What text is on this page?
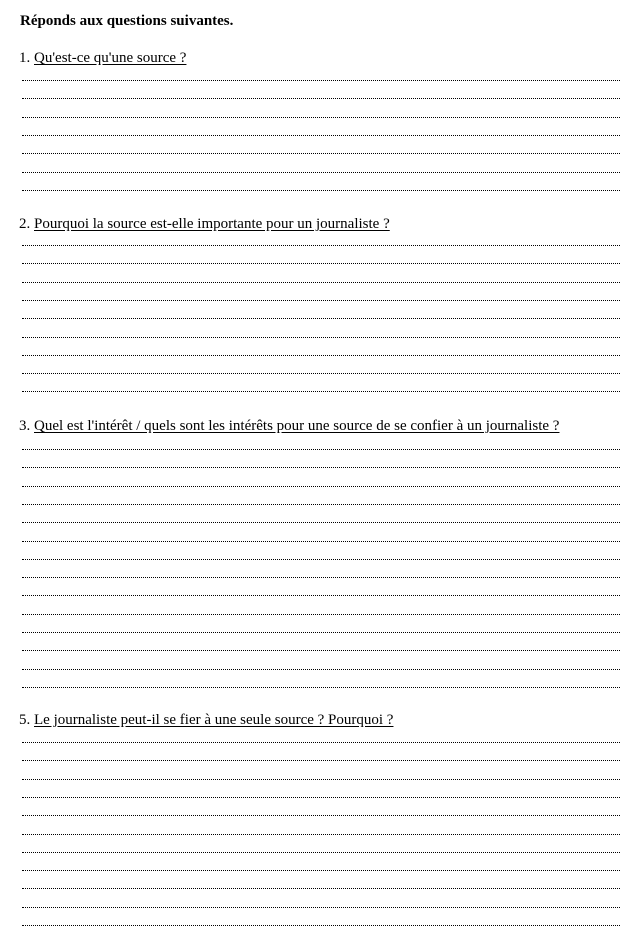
Réponds aux questions suivantes.
1. Qu'est-ce qu'une source ?
2. Pourquoi la source est-elle importante pour un journaliste ?
3. Quel est l'intérêt / quels sont les intérêts pour une source de se confier à un journaliste ?
5. Le journaliste peut-il se fier à une seule source ? Pourquoi ?
